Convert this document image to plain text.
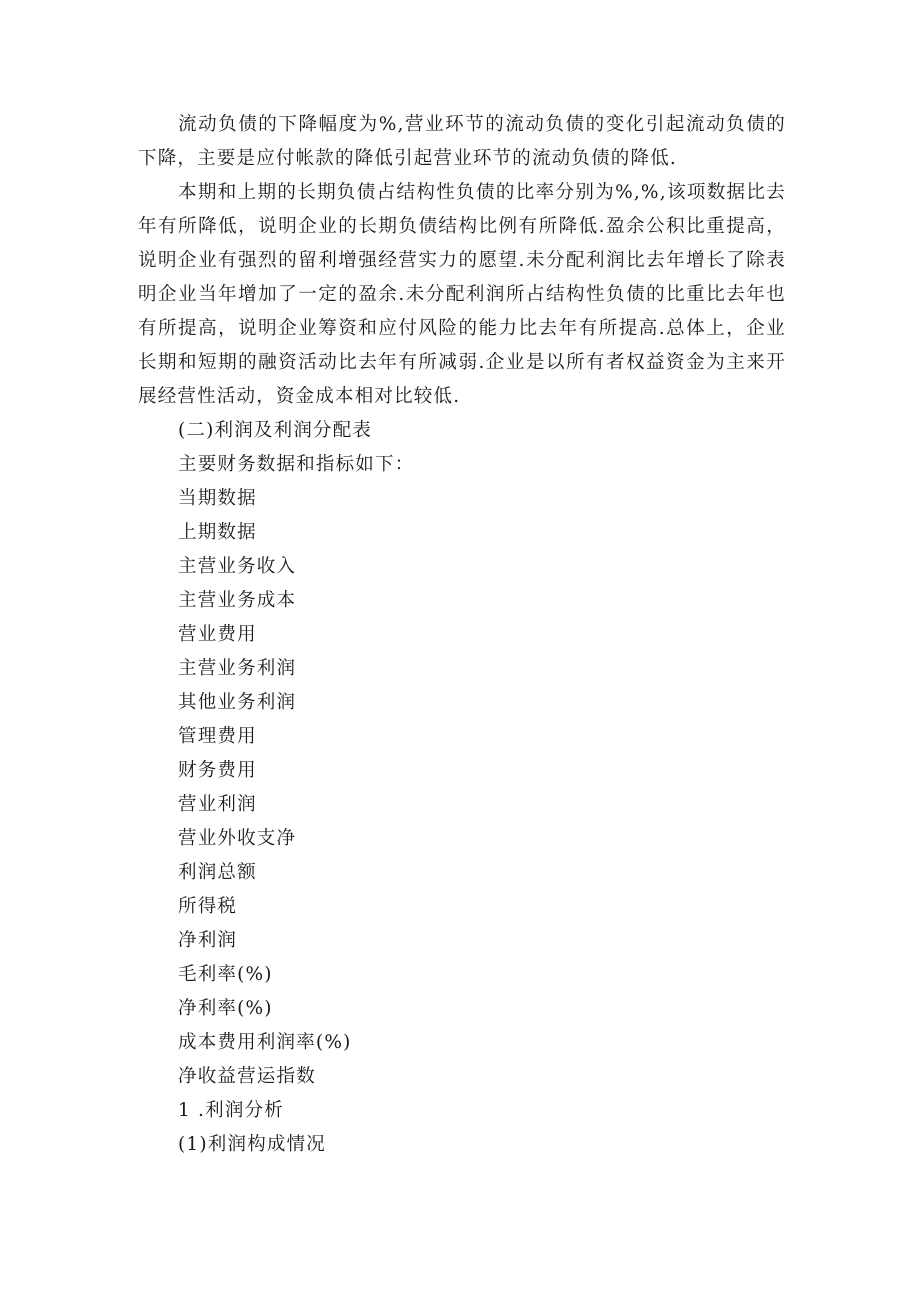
流动负债的下降幅度为%,营业环节的流动负债的变化引起流动负债的下降，主要是应付帐款的降低引起营业环节的流动负债的降低.

本期和上期的长期负债占结构性负债的比率分别为%,%,该项数据比去年有所降低，说明企业的长期负债结构比例有所降低.盈余公积比重提高，说明企业有强烈的留利增强经营实力的愿望.未分配利润比去年增长了除表明企业当年增加了一定的盈余.未分配利润所占结构性负债的比重比去年也有所提高，说明企业筹资和应付风险的能力比去年有所提高.总体上，企业长期和短期的融资活动比去年有所减弱.企业是以所有者权益资金为主来开展经营性活动，资金成本相对比较低.

(二)利润及利润分配表

主要财务数据和指标如下：

当期数据

上期数据

主营业务收入

主营业务成本

营业费用

主营业务利润

其他业务利润

管理费用

财务费用

营业利润

营业外收支净

利润总额

所得税

净利润

毛利率(%)

净利率(%)

成本费用利润率(%)

净收益营运指数

1 .利润分析

(1)利润构成情况
